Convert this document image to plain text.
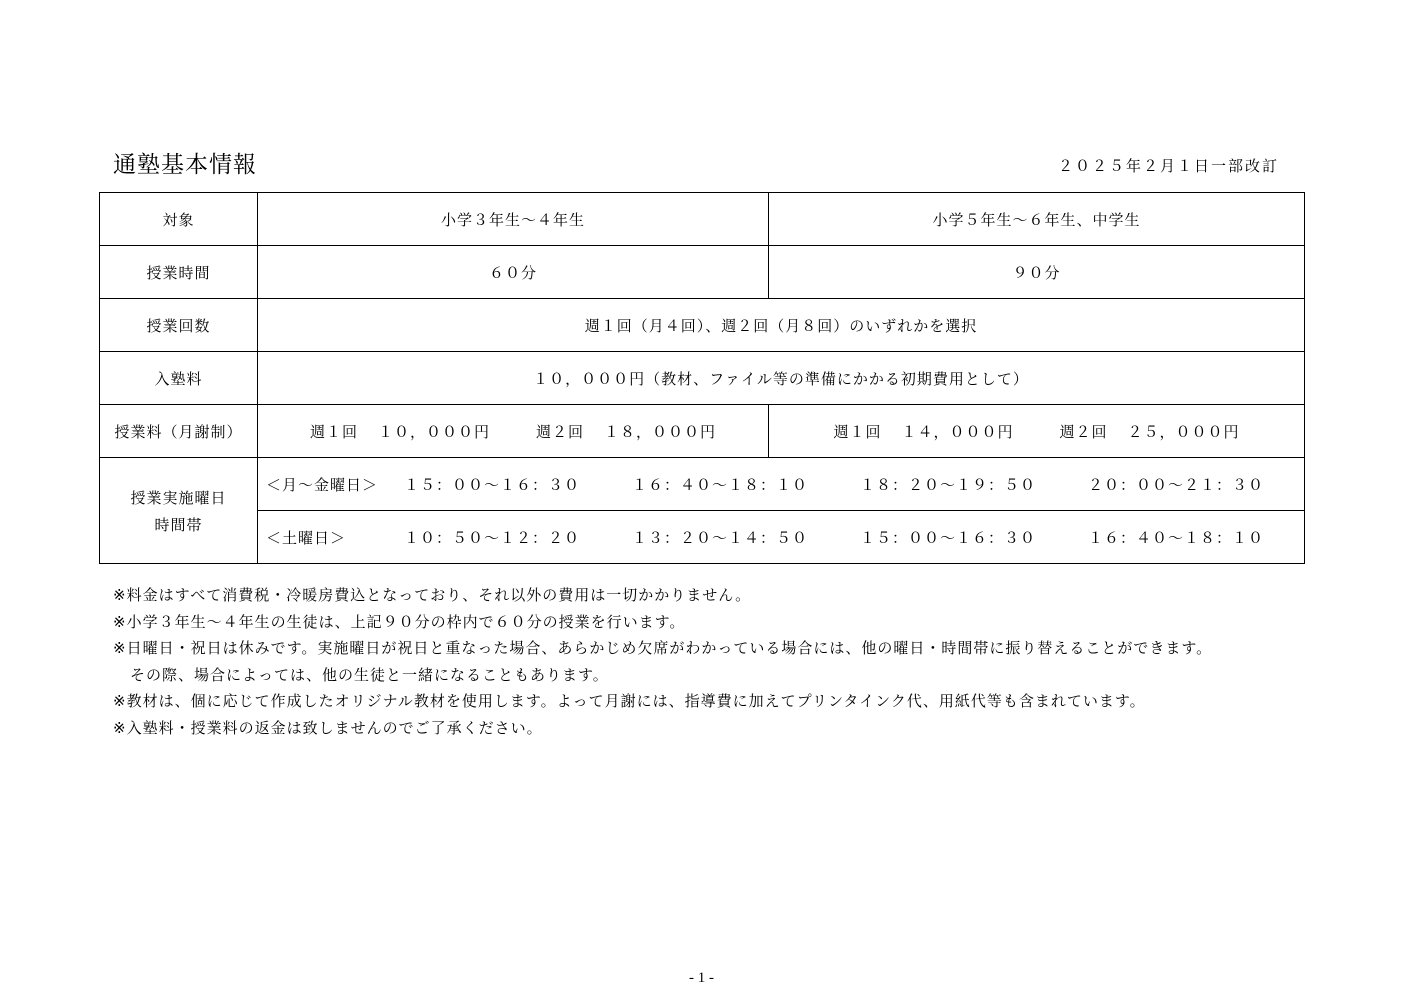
通塾基本情報	２０２５年２月１日一部改訂
対象	小学３年生～４年生	小学５年生～６年生、中学生
授業時間	６０分	９０分
授業回数	週１回（月４回）、週２回（月８回）のいずれかを選択	
入塾料	１０，０００円（教材、ファイル等の準備にかかる初期費用として）	
授業料（月謝制）	週１回 １０，０００円 週２回 １８，０００円	週１回 １４，０００円 週２回 ２５，０００円

授業実施曜日
時間帯	＜月～金曜日＞ １５：００～１６：３０ １６：４０～１８：１０ １８：２０～１９：５０ ２０：００～２１：３０	
	＜土曜日＞ １０：５０～１２：２０ １３：２０～１４：５０ １５：００～１６：３０ １６：４０～１８：１０	
※料金はすべて消費税・冷暖房費込となっており、それ以外の費用は一切かかりません。
※小学３年生～４年生の生徒は、上記９０分の枠内で６０分の授業を行います。
※日曜日・祝日は休みです。実施曜日が祝日と重なった場合、あらかじめ欠席がわかっている場合には、他の曜日・時間帯に振り替えることができます。
その際、場合によっては、他の生徒と一緒になることもあります。
※教材は、個に応じて作成したオリジナル教材を使用します。よって月謝には、指導費に加えてプリンタインク代、用紙代等も含まれています。
※入塾料・授業料の返金は致しませんのでご了承ください。
- 1 -
